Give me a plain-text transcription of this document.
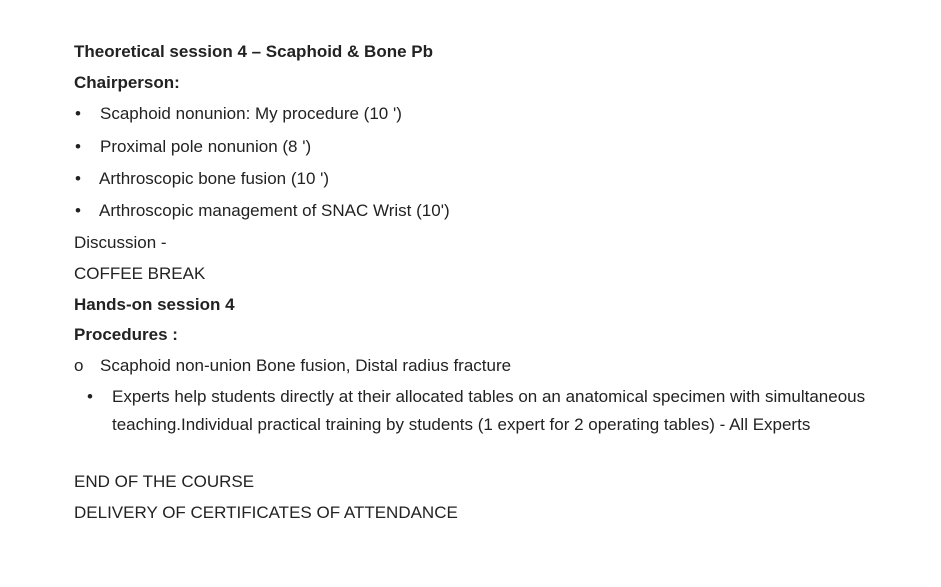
Theoretical session 4 – Scaphoid & Bone Pb
Chairperson:
• Scaphoid nonunion: My procedure (10 ')
• Proximal pole nonunion (8 ')
• Arthroscopic bone fusion (10 ')
• Arthroscopic management of SNAC Wrist (10')
Discussion -
COFFEE BREAK
Hands-on session 4
Procedures :
o Scaphoid non-union Bone fusion, Distal radius fracture
• Experts help students directly at their allocated tables on an anatomical specimen with simultaneous teaching.Individual practical training by students (1 expert for 2 operating tables) - All Experts
END OF THE COURSE
DELIVERY OF CERTIFICATES OF ATTENDANCE
